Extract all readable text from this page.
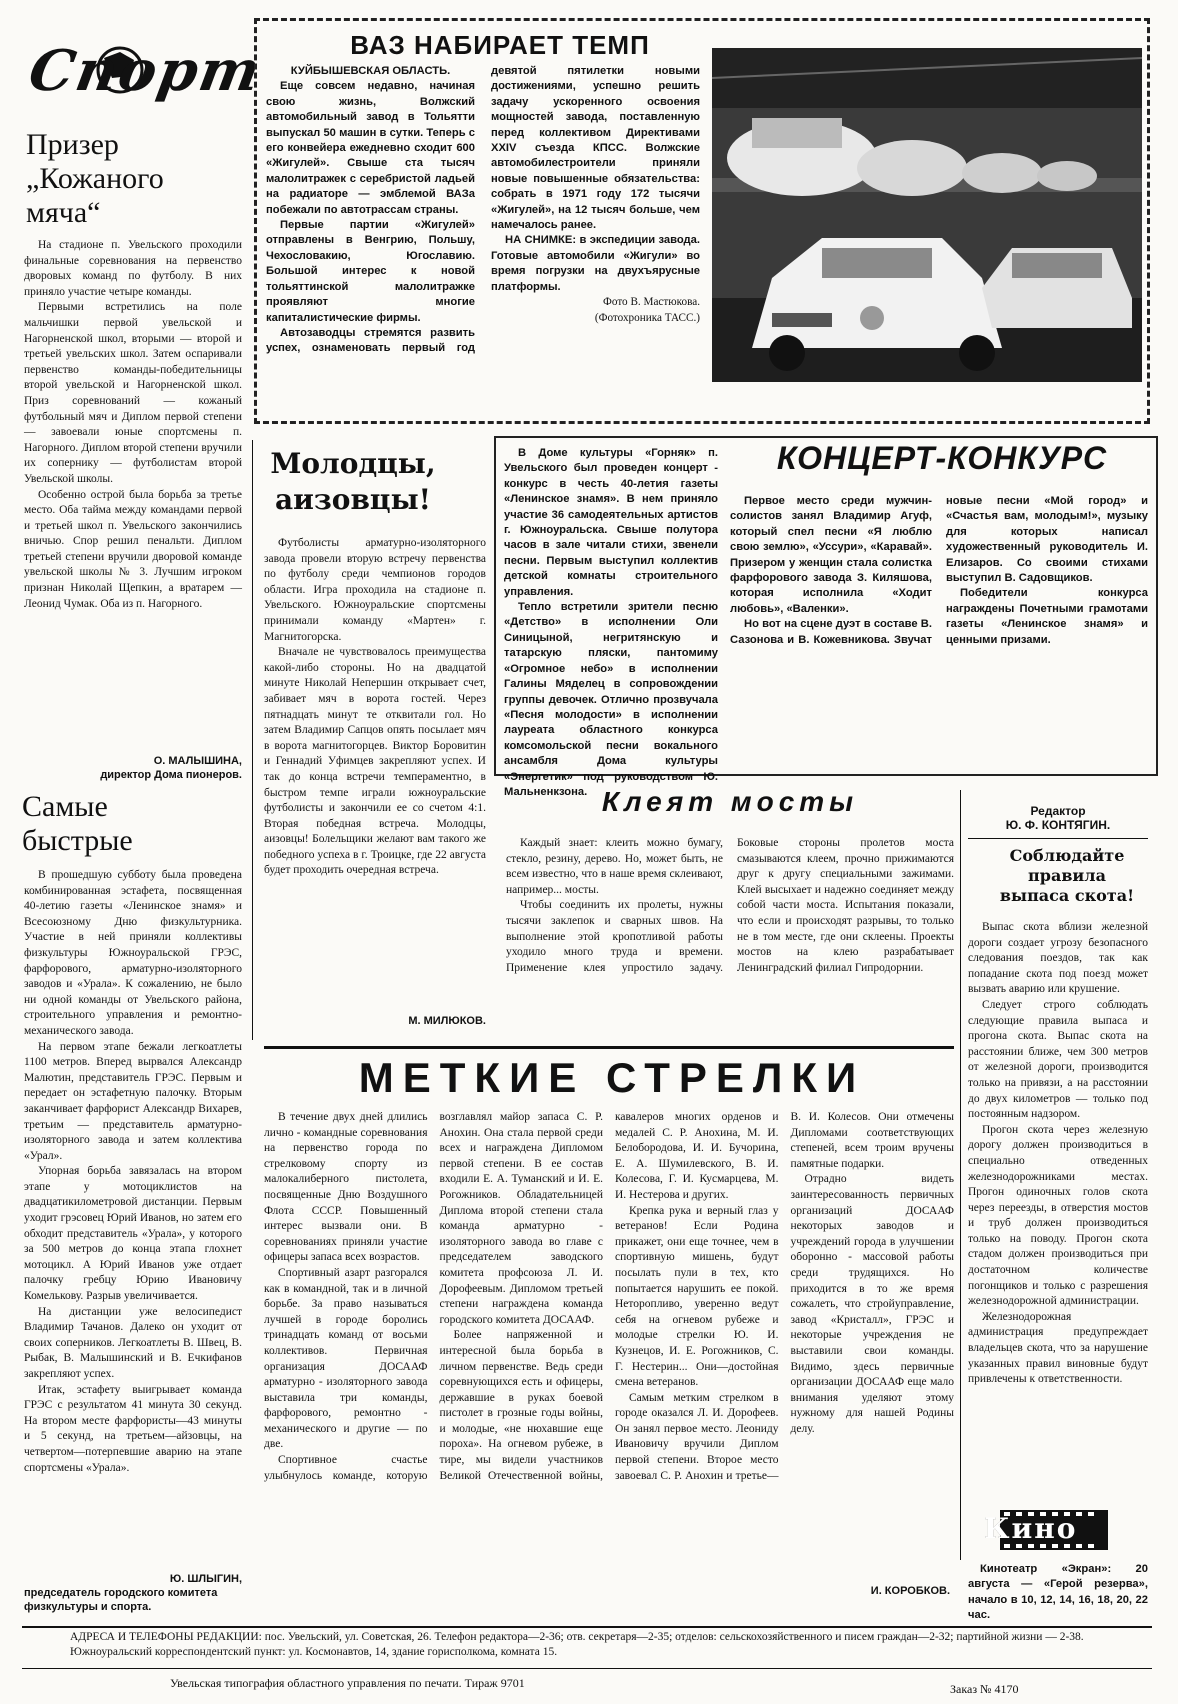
Спорт
Призер „Кожаного мяча“

На стадионе п. Увельского проходили финальные соревнования на первенство дворовых команд по футболу. В них приняло участие четыре команды.

Первыми встретились на поле мальчишки первой увельской и Нагорненской школ, вторыми — второй и третьей увельских школ. Затем оспаривали первенство команды-победительницы второй увельской и Нагорненской школ. Приз соревнований — кожаный футбольный мяч и Диплом первой степени — завоевали юные спортсмены п. Нагорного. Диплом второй степени вручили их сопернику — футболистам второй Увельской школы.

Особенно острой была борьба за третье место. Оба тайма между командами первой и третьей школ п. Увельского закончились вничью. Спор решил пенальти. Диплом третьей степени вручили дворовой команде увельской школы № 3. Лучшим игроком признан Николай Щепкин, а вратарем — Леонид Чумак. Оба из п. Нагорного.

О. МАЛЫШИНА,
директор Дома пионеров.
Самые быстрые

В прошедшую субботу была проведена комбинированная эстафета, посвященная 40-летию газеты «Ленинское знамя» и Всесоюзному Дню физкультурника. Участие в ней приняли коллективы физкультуры Южноуральской ГРЭС, фарфорового, арматурно-изоляторного заводов и «Урала». К сожалению, не было ни одной команды от Увельского района, строительного управления и ремонтно-механического завода.

На первом этапе бежали легкоатлеты 1100 метров. Вперед вырвался Александр Малютин, представитель ГРЭС. Первым и передает он эстафетную палочку. Вторым заканчивает фарфорист Александр Вихарев, третьим — представитель арматурно-изоляторного завода и затем коллектива «Урал».

Упорная борьба завязалась на втором этапе у мотоциклистов на двадцатикилометровой дистанции. Первым уходит грэсовец Юрий Иванов, но затем его обходит представитель «Урала», у которого за 500 метров до конца этапа глохнет мотоцикл. А Юрий Иванов уже отдает палочку гребцу Юрию Ивановичу Комелькову. Разрыв увеличивается.

На дистанции уже велосипедист Владимир Тачанов. Далеко он уходит от своих соперников. Легкоатлеты В. Швец, В. Рыбак, В. Малышинский и В. Ечкифанов закрепляют успех.

Итак, эстафету выигрывает команда ГРЭС с результатом 41 минута 30 секунд. На втором месте фарфористы—43 минуты и 5 секунд, на третьем—айзовцы, на четвертом—потерпевшие аварию на этапе спортсмены «Урала».

Ю. ШЛЫГИН,
председатель городского комитета физкультуры и спорта.
ВАЗ НАБИРАЕТ ТЕМП
КУЙБЫШЕВСКАЯ ОБЛАСТЬ.

Еще совсем недавно, начиная свою жизнь, Волжский автомобильный завод в Тольятти выпускал 50 машин в сутки. Теперь с его конвейера ежедневно сходит 600 «Жигулей». Свыше ста тысяч малолитражек с серебристой ладьей на радиаторе — эмблемой ВАЗа побежали по автотрассам страны.

Первые партии «Жигулей» отправлены в Венгрию, Польшу, Чехословакию, Югославию. Большой интерес к новой тольяттинской малолитражке проявляют многие капиталистические фирмы.

Автозаводцы стремятся развить успех, ознаменовать первый год девятой пятилетки новыми достижениями, успешно решить задачу ускоренного освоения мощностей завода, поставленную перед коллективом Директивами XXIV съезда КПСС. Волжские автомобилестроители приняли новые повышенные обязательства: собрать в 1971 году 172 тысячи «Жигулей», на 12 тысяч больше, чем намечалось ранее.

НА СНИМКЕ: в экспедиции завода. Готовые автомобили «Жигули» во время погрузки на двухъярусные платформы.

Фото В. Мастюкова.
(Фотохроника ТАСС.)
Молодцы, аизовцы!

Футболисты арматурно-изоляторного завода провели вторую встречу первенства по футболу среди чемпионов городов области. Игра проходила на стадионе п. Увельского. Южноуральские спортсмены принимали команду «Мартен» г. Магнитогорска.

Вначале не чувствовалось преимущества какой-либо стороны. Но на двадцатой минуте Николай Непершин открывает счет, забивает мяч в ворота гостей. Через пятнадцать минут те отквитали гол. Но затем Владимир Сапцов опять посылает мяч в ворота магнитогорцев. Виктор Боровитин и Геннадий Уфимцев закрепляют успех. И так до конца встречи темпераментно, в быстром темпе играли южноуральские футболисты и закончили ее со счетом 4:1. Вторая победная встреча. Молодцы, аизовцы! Болельщики желают вам такого же победного успеха в г. Троицке, где 22 августа будет проходить очередная встреча.

М. МИЛЮКОВ.
КОНЦЕРТ-КОНКУРС

В Доме культуры «Горняк» п. Увельского был проведен концерт - конкурс в честь 40-летия газеты «Ленинское знамя». В нем приняло участие 36 самодеятельных артистов г. Южноуральска. Свыше полутора часов в зале читали стихи, звенели песни. Первым выступил коллектив детской комнаты строительного управления.

Тепло встретили зрители песню «Детство» в исполнении Оли Синицыной, негритянскую и татарскую пляски, пантомиму «Огромное небо» в исполнении Галины Мяделец в сопровождении группы девочек. Отлично прозвучала «Песня молодости» в исполнении лауреата областного конкурса комсомольской песни вокального ансамбля Дома культуры «Энергетик» под руководством Ю. Мальненкзона.

Первое место среди мужчин-солистов занял Владимир Агуф, который спел песни «Я люблю свою землю», «Уссури», «Каравай». Призером у женщин стала солистка фарфорового завода З. Киляшова, которая исполнила «Ходит любовь», «Валенки».

Но вот на сцене дуэт в составе В. Сазонова и В. Кожевникова. Звучат новые песни «Мой город» и «Счастья вам, молодым!», музыку для которых написал художественный руководитель И. Елизаров. Со своими стихами выступил В. Садовщиков.

Победители конкурса награждены Почетными грамотами газеты «Ленинское знамя» и ценными призами.

Клеят мосты

Каждый знает: клеить можно бумагу, стекло, резину, дерево. Но, может быть, не всем известно, что в наше время склеивают, например... мосты.

Чтобы соединить их пролеты, нужны тысячи заклепок и сварных швов. На выполнение этой кропотливой работы уходило много труда и времени. Применение клея упростило задачу. Боковые стороны пролетов моста смазываются клеем, прочно прижимаются друг к другу специальными зажимами. Клей высыхает и надежно соединяет между собой части моста. Испытания показали, что если и происходят разрывы, то только не в том месте, где они склеены. Проекты мостов на клею разрабатывает Ленинградский филиал Гипродорнии.

Редактор
Ю. Ф. КОНТЯГИН.
Соблюдайте правила выпаса скота!

Выпас скота вблизи железной дороги создает угрозу безопасного следования поездов, так как попадание скота под поезд может вызвать аварию или крушение.

Следует строго соблюдать следующие правила выпаса и прогона скота. Выпас скота на расстоянии ближе, чем 300 метров от железной дороги, производится только на привязи, а на расстоянии до двух километров — только под постоянным надзором.

Прогон скота через железную дорогу должен производиться в специально отведенных железнодорожниками местах. Прогон одиночных голов скота через переезды, в отверстия мостов и труб должен производиться только на поводу. Прогон скота стадом должен производиться при достаточном количестве погонщиков и только с разрешения железнодорожной администрации.

Железнодорожная администрация предупреждает владельцев скота, что за нарушение указанных правил виновные будут привлечены к ответственности.

Кино
Кинотеатр «Экран»: 20 августа — «Герой резерва», начало в 10, 12, 14, 16, 18, 20, 22 час.
МЕТКИЕ СТРЕЛКИ

В течение двух дней длились лично - командные соревнования на первенство города по стрелковому спорту из малокалиберного пистолета, посвященные Дню Воздушного Флота СССР. Повышенный интерес вызвали они. В соревнованиях приняли участие офицеры запаса всех возрастов.

Спортивный азарт разгорался как в командной, так и в личной борьбе. За право называться лучшей в городе боролись тринадцать команд от восьми коллективов. Первичная организация ДОСААФ арматурно - изоляторного завода выставила три команды, фарфорового, ремонтно - механического и другие — по две.

Спортивное счастье улыбнулось команде, которую возглавлял майор запаса С. Р. Анохин. Она стала первой среди всех и награждена Дипломом первой степени. В ее состав входили Е. А. Туманский и И. Е. Рогожников. Обладательницей Диплома второй степени стала команда арматурно - изоляторного завода во главе с председателем заводского комитета профсоюза Л. И. Дорофеевым. Дипломом третьей степени награждена команда городского комитета ДОСААФ.

Более напряженной и интересной была борьба в личном первенстве. Ведь среди соревнующихся есть и офицеры, державшие в руках боевой пистолет в грозные годы войны, и молодые, «не нюхавшие еще пороха». На огневом рубеже, в тире, мы видели участников Великой Отечественной войны, кавалеров многих орденов и медалей С. Р. Анохина, М. И. Белобородова, И. И. Бучорина, Е. А. Шумилевского, В. И. Колесова, Г. И. Кусмарцева, М. И. Нестерова и других.

Крепка рука и верный глаз у ветеранов! Если Родина прикажет, они еще точнее, чем в спортивную мишень, будут посылать пули в тех, кто попытается нарушить ее покой. Неторопливо, уверенно ведут себя на огневом рубеже и молодые стрелки Ю. И. Кузнецов, И. Е. Рогожников, С. Г. Нестерин... Они—достойная смена ветеранов.

Самым метким стрелком в городе оказался Л. И. Дорофеев. Он занял первое место. Леониду Ивановичу вручили Диплом первой степени. Второе место завоевал С. Р. Анохин и третье— В. И. Колесов. Они отмечены Дипломами соответствующих степеней, всем троим вручены памятные подарки.

Отрадно видеть заинтересованность первичных организаций ДОСААФ некоторых заводов и учреждений города в улучшении оборонно - массовой работы среди трудящихся. Но приходится в то же время сожалеть, что стройуправление, завод «Кристалл», ГРЭС и некоторые учреждения не выставили свои команды. Видимо, здесь первичные организации ДОСААФ еще мало внимания уделяют этому нужному для нашей Родины делу.

И. КОРОБКОВ.
АДРЕСА И ТЕЛЕФОНЫ РЕДАКЦИИ: пос. Увельский, ул. Советская, 26. Телефон редактора—2-36; отв. секретаря—2-35; отделов: сельскохозяйственного и писем граждан—2-32; партийной жизни — 2-38. Южноуральский корреспондентский пункт: ул. Космонавтов, 14, здание горисполкома, комната 15.
Увельская типография областного управления по печати. Тираж 9701	Заказ № 4170
